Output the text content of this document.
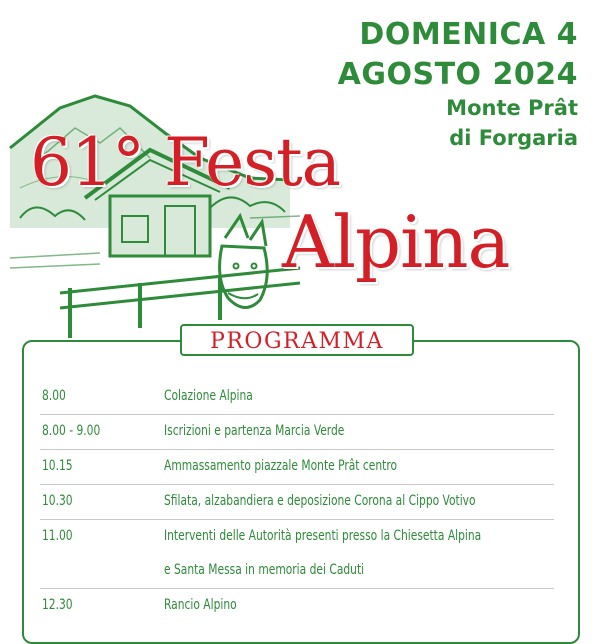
DOMENICA 4
AGOSTO 2024
Monte Prât
di Forgaria
61° Festa
Alpina
PROGRAMMA
8.00	Colazione Alpina
8.00 - 9.00	Iscrizioni e partenza Marcia Verde
10.15	Ammassamento piazzale Monte Prât centro
10.30	Sfilata, alzabandiera e deposizione Corona al Cippo Votivo
11.00	Interventi delle Autorità presenti presso la Chiesetta Alpina
e Santa Messa in memoria dei Caduti
12.30	Rancio Alpino
